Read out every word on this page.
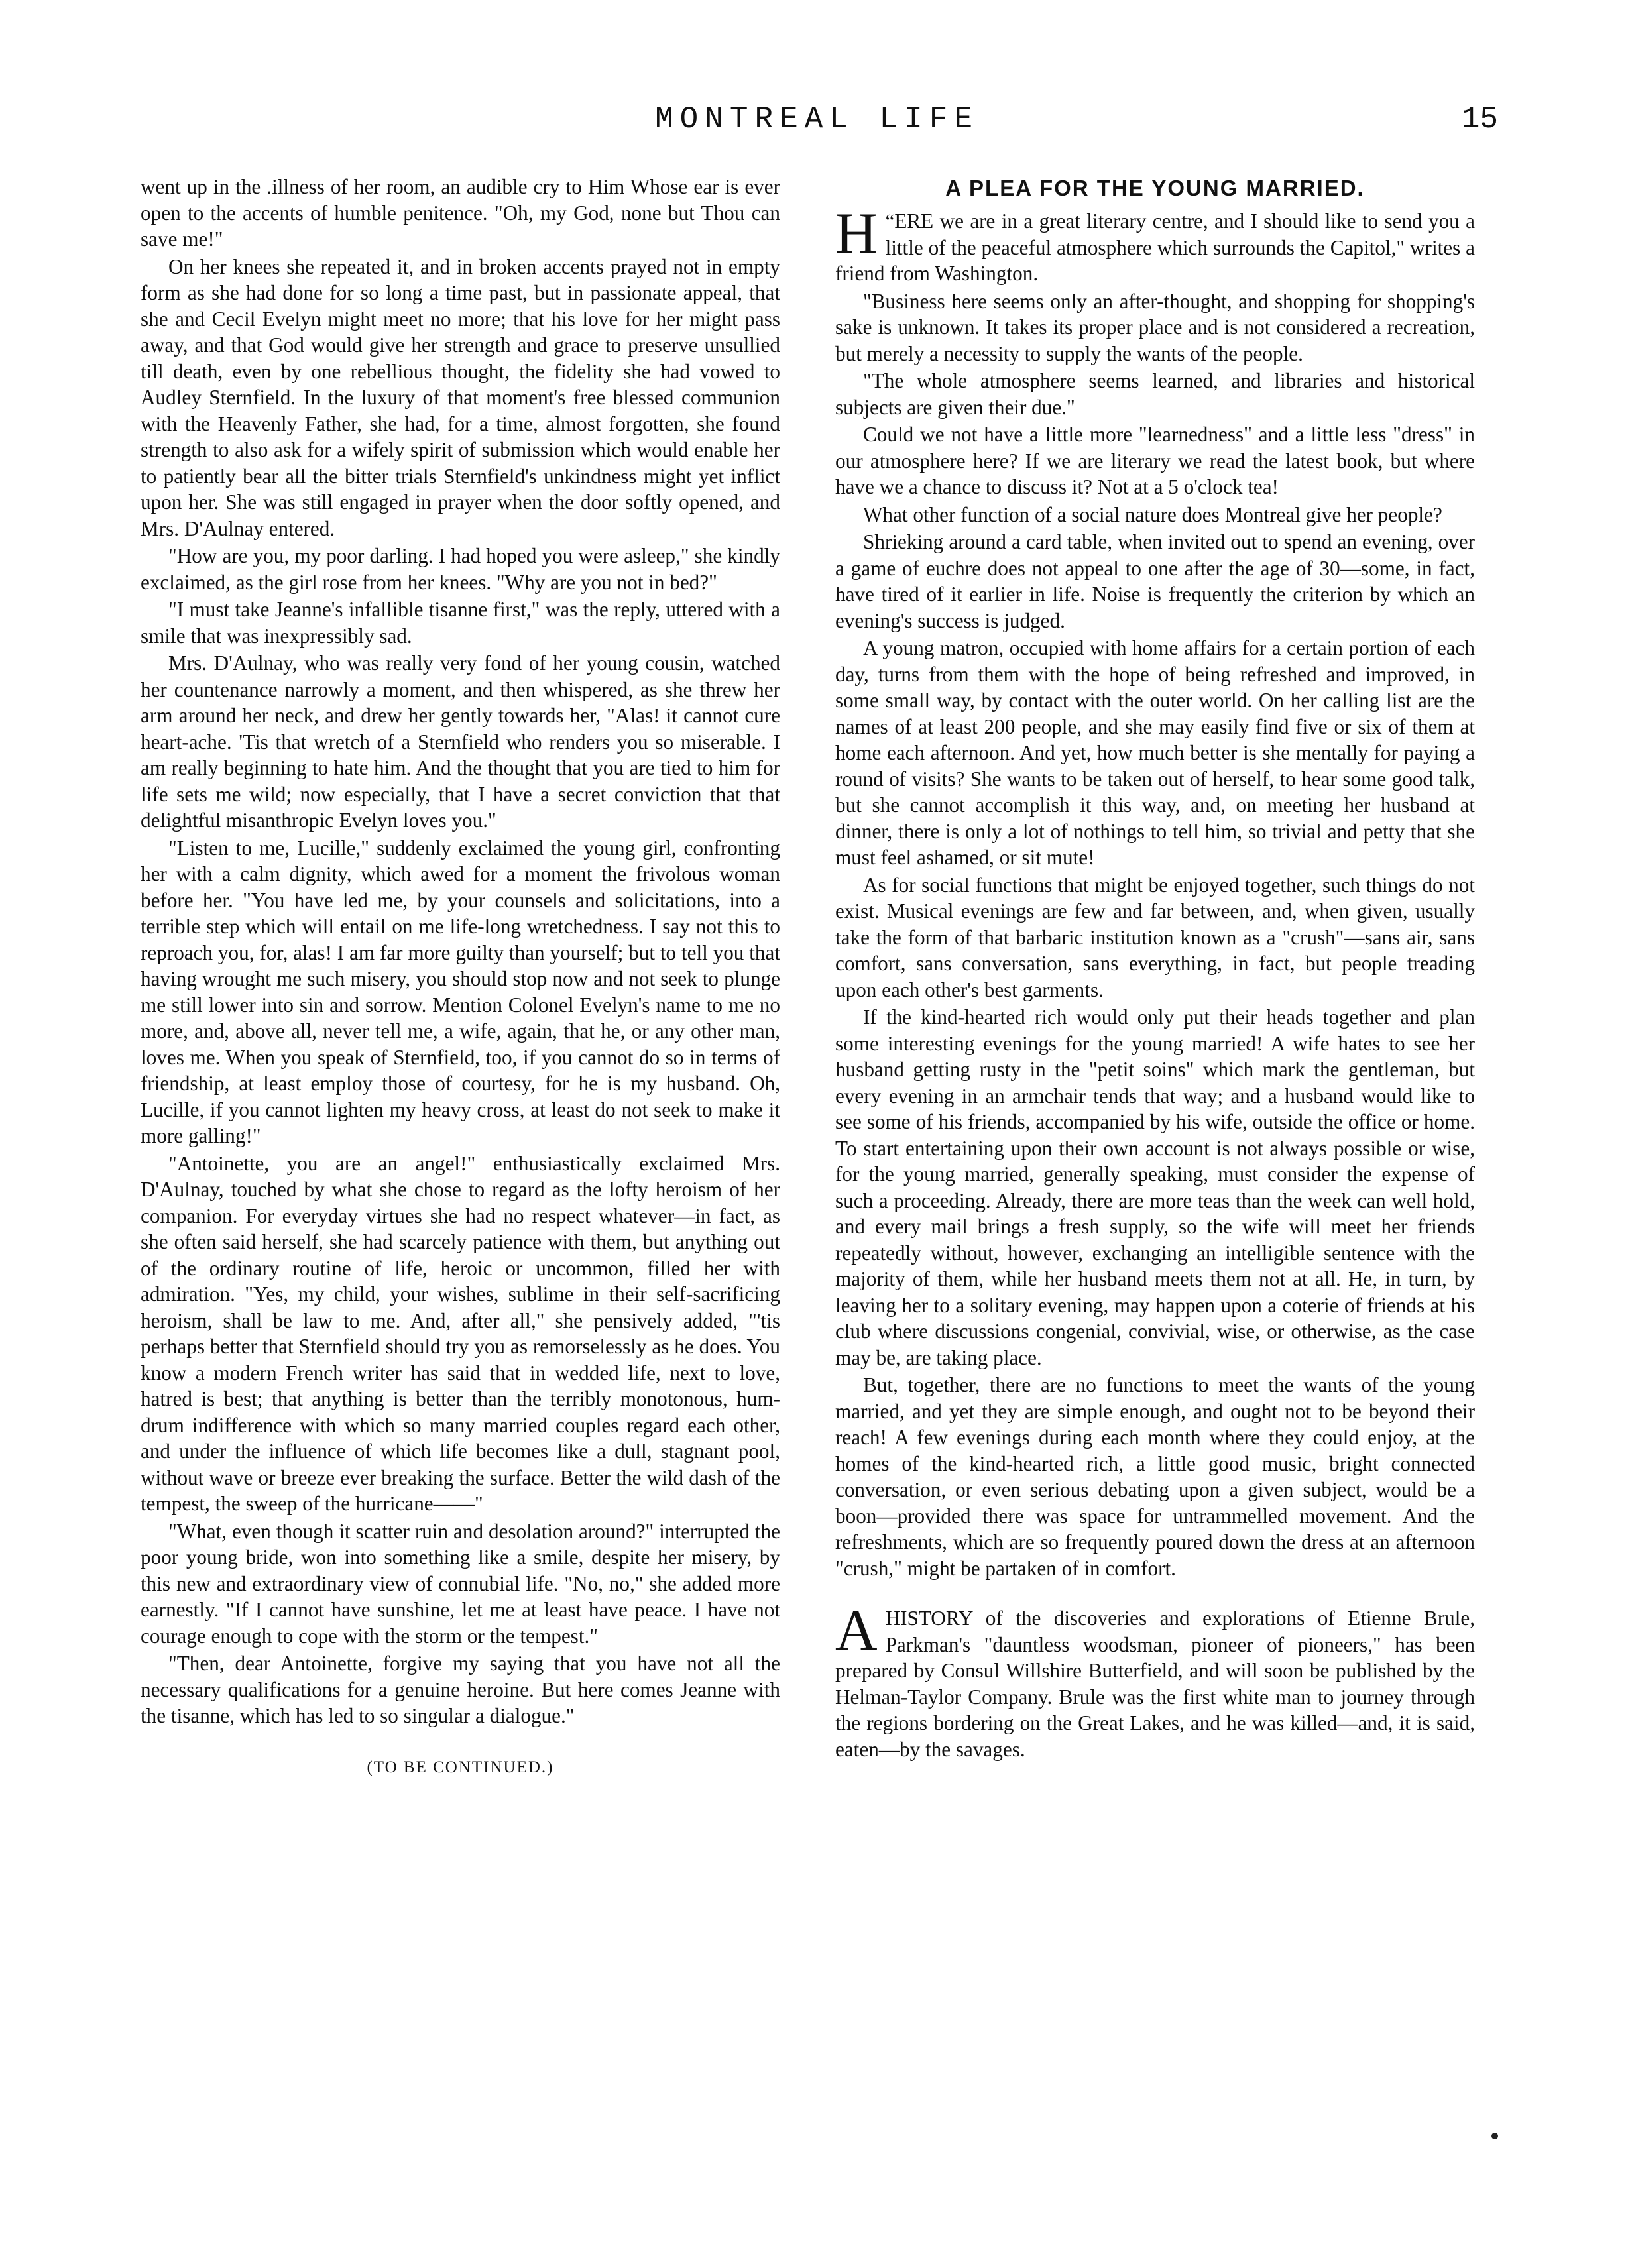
MONTREAL LIFE	15

went up in the .illness of her room, an audible cry to Him Whose ear is ever open to the accents of humble penitence. "Oh, my God, none but Thou can save me!"

On her knees she repeated it, and in broken accents prayed not in empty form as she had done for so long a time past, but in passionate appeal, that she and Cecil Evelyn might meet no more; that his love for her might pass away, and that God would give her strength and grace to preserve unsullied till death, even by one rebellious thought, the fidelity she had vowed to Audley Sternfield. In the luxury of that moment's free blessed communion with the Heavenly Father, she had, for a time, almost forgotten, she found strength to also ask for a wifely spirit of submission which would enable her to patiently bear all the bitter trials Sternfield's unkindness might yet inflict upon her. She was still engaged in prayer when the door softly opened, and Mrs. D'Aulnay entered.

"How are you, my poor darling. I had hoped you were asleep," she kindly exclaimed, as the girl rose from her knees. "Why are you not in bed?"

"I must take Jeanne's infallible tisanne first," was the reply, uttered with a smile that was inexpressibly sad.

Mrs. D'Aulnay, who was really very fond of her young cousin, watched her countenance narrowly a moment, and then whispered, as she threw her arm around her neck, and drew her gently towards her, "Alas! it cannot cure heart-ache. 'Tis that wretch of a Sternfield who renders you so miserable. I am really beginning to hate him. And the thought that you are tied to him for life sets me wild; now especially, that I have a secret conviction that that delightful misanthropic Evelyn loves you."

"Listen to me, Lucille," suddenly exclaimed the young girl, confronting her with a calm dignity, which awed for a moment the frivolous woman before her. "You have led me, by your counsels and solicitations, into a terrible step which will entail on me life-long wretchedness. I say not this to reproach you, for, alas! I am far more guilty than yourself; but to tell you that having wrought me such misery, you should stop now and not seek to plunge me still lower into sin and sorrow. Mention Colonel Evelyn's name to me no more, and, above all, never tell me, a wife, again, that he, or any other man, loves me. When you speak of Sternfield, too, if you cannot do so in terms of friendship, at least employ those of courtesy, for he is my husband. Oh, Lucille, if you cannot lighten my heavy cross, at least do not seek to make it more galling!"

"Antoinette, you are an angel!" enthusiastically exclaimed Mrs. D'Aulnay, touched by what she chose to regard as the lofty heroism of her companion. For everyday virtues she had no respect whatever—in fact, as she often said herself, she had scarcely patience with them, but anything out of the ordinary routine of life, heroic or uncommon, filled her with admiration. "Yes, my child, your wishes, sublime in their self-sacrificing heroism, shall be law to me. And, after all," she pensively added, "'tis perhaps better that Sternfield should try you as remorselessly as he does. You know a modern French writer has said that in wedded life, next to love, hatred is best; that anything is better than the terribly monotonous, hum-drum indifference with which so many married couples regard each other, and under the influence of which life becomes like a dull, stagnant pool, without wave or breeze ever breaking the surface. Better the wild dash of the tempest, the sweep of the hurricane——"

"What, even though it scatter ruin and desolation around?" interrupted the poor young bride, won into something like a smile, despite her misery, by this new and extraordinary view of connubial life. "No, no," she added more earnestly. "If I cannot have sunshine, let me at least have peace. I have not courage enough to cope with the storm or the tempest."

"Then, dear Antoinette, forgive my saying that you have not all the necessary qualifications for a genuine heroine. But here comes Jeanne with the tisanne, which has led to so singular a dialogue."

(TO BE CONTINUED.)

A PLEA FOR THE YOUNG MARRIED.

“
H ERE we are in a great literary centre, and I should like to send you a little of the peaceful atmosphere which surrounds the Capitol," writes a friend from Washington.

"Business here seems only an after-thought, and shopping for shopping's sake is unknown. It takes its proper place and is not considered a recreation, but merely a necessity to supply the wants of the people.

"The whole atmosphere seems learned, and libraries and historical subjects are given their due."

Could we not have a little more "learnedness" and a little less "dress" in our atmosphere here? If we are literary we read the latest book, but where have we a chance to discuss it? Not at a 5 o'clock tea!

What other function of a social nature does Montreal give her people?

Shrieking around a card table, when invited out to spend an evening, over a game of euchre does not appeal to one after the age of 30—some, in fact, have tired of it earlier in life. Noise is frequently the criterion by which an evening's success is judged.

A young matron, occupied with home affairs for a certain portion of each day, turns from them with the hope of being refreshed and improved, in some small way, by contact with the outer world. On her calling list are the names of at least 200 people, and she may easily find five or six of them at home each afternoon. And yet, how much better is she mentally for paying a round of visits? She wants to be taken out of herself, to hear some good talk, but she cannot accomplish it this way, and, on meeting her husband at dinner, there is only a lot of nothings to tell him, so trivial and petty that she must feel ashamed, or sit mute!

As for social functions that might be enjoyed together, such things do not exist. Musical evenings are few and far between, and, when given, usually take the form of that barbaric institution known as a "crush"—sans air, sans comfort, sans conversation, sans everything, in fact, but people treading upon each other's best garments.

If the kind-hearted rich would only put their heads together and plan some interesting evenings for the young married! A wife hates to see her husband getting rusty in the "petit soins" which mark the gentleman, but every evening in an armchair tends that way; and a husband would like to see some of his friends, accompanied by his wife, outside the office or home. To start entertaining upon their own account is not always possible or wise, for the young married, generally speaking, must consider the expense of such a proceeding. Already, there are more teas than the week can well hold, and every mail brings a fresh supply, so the wife will meet her friends repeatedly without, however, exchanging an intelligible sentence with the majority of them, while her husband meets them not at all. He, in turn, by leaving her to a solitary evening, may happen upon a coterie of friends at his club where discussions congenial, convivial, wise, or otherwise, as the case may be, are taking place.

But, together, there are no functions to meet the wants of the young married, and yet they are simple enough, and ought not to be beyond their reach! A few evenings during each month where they could enjoy, at the homes of the kind-hearted rich, a little good music, bright connected conversation, or even serious debating upon a given subject, would be a boon—provided there was space for untrammelled movement. And the refreshments, which are so frequently poured down the dress at an afternoon "crush," might be partaken of in comfort.

AHISTORY of the discoveries and explorations of Etienne Brule, Parkman's "dauntless woodsman, pioneer of pioneers," has been prepared by Consul Willshire Butterfield, and will soon be published by the Helman-Taylor Company. Brule was the first white man to journey through the regions bordering on the Great Lakes, and he was killed—and, it is said, eaten—by the savages.
